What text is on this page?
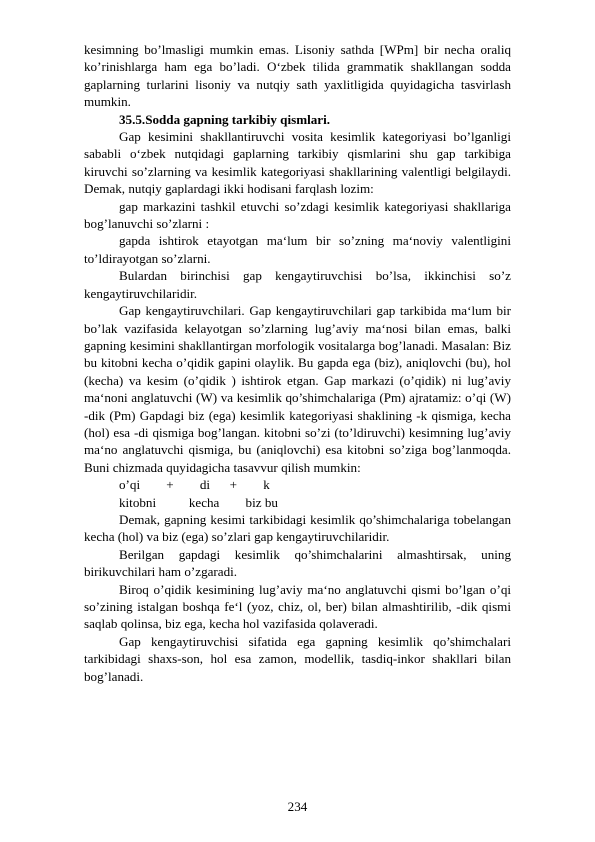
kesimning bo’lmasligi mumkin emas. Lisoniy sathda [WPm] bir necha oraliq ko’rinishlarga ham ega bo’ladi. O‘zbek tilida grammatik shakllangan sodda gaplarning turlarini lisoniy va nutqiy sath yaxlitligida quyidagicha tasvirlash mumkin.

35.5.Sodda gapning tarkibiy qismlari.

Gap kesimini shakllantiruvchi vosita kesimlik kategoriyasi bo’lganligi sababli o‘zbek nutqidagi gaplarning tarkibiy qismlarini shu gap tarkibiga kiruvchi so’zlarning va kesimlik kategoriyasi shakllarining valentligi belgilaydi. Demak, nutqiy gaplardagi ikki hodisani farqlash lozim:

gap markazini tashkil etuvchi so’zdagi kesimlik kategoriyasi shakllariga bog’lanuvchi so’zlarni :

gapda ishtirok etayotgan ma‘lum bir so’zning ma‘noviy valentligini to’ldirayotgan so’zlarni.

Bulardan birinchisi gap kengaytiruvchisi bo’lsa, ikkinchisi so’z kengaytiruvchilaridir.

Gap kengaytiruvchilari. Gap kengaytiruvchilari gap tarkibida ma‘lum bir bo’lak vazifasida kelayotgan so’zlarning lug’aviy ma‘nosi bilan emas, balki gapning kesimini shakllantirgan morfologik vositalarga bog’lanadi. Masalan: Biz bu kitobni kecha o’qidik gapini olaylik. Bu gapda ega (biz), aniqlovchi (bu), hol (kecha) va kesim (o’qidik ) ishtirok etgan. Gap markazi (o’qidik) ni lug’aviy ma‘noni anglatuvchi (W) va kesimlik qo’shimchalariga (Pm) ajratamiz: o’qi (W) -dik (Pm) Gapdagi biz (ega) kesimlik kategoriyasi shaklining -k qismiga, kecha (hol) esa -di qismiga bog’langan. kitobni so’zi (to’ldiruvchi) kesimning lug’aviy ma‘no anglatuvchi qismiga, bu (aniqlovchi) esa kitobni so’ziga bog’lanmoqda. Buni chizmada quyidagicha tasavvur qilish mumkin:

o’qi        +        di      +        k
kitobni          kecha        biz bu

Demak, gapning kesimi tarkibidagi kesimlik qo’shimchalariga tobelangan kecha (hol) va biz (ega) so’zlari gap kengaytiruvchilaridir.

Berilgan gapdagi kesimlik qo’shimchalarini almashtirsak, uning birikuvchilari ham o’zgaradi.

Biroq o’qidik kesimining lug’aviy ma‘no anglatuvchi qismi bo’lgan o’qi so’zining istalgan boshqa fe‘l (yoz, chiz, ol, ber) bilan almashtirilib, -dik qismi saqlab qolinsa, biz ega, kecha hol vazifasida qolaveradi.

Gap kengaytiruvchisi sifatida ega gapning kesimlik qo’shimchalari tarkibidagi shaxs-son, hol esa zamon, modellik, tasdiq-inkor shakllari bilan bog’lanadi.

234
